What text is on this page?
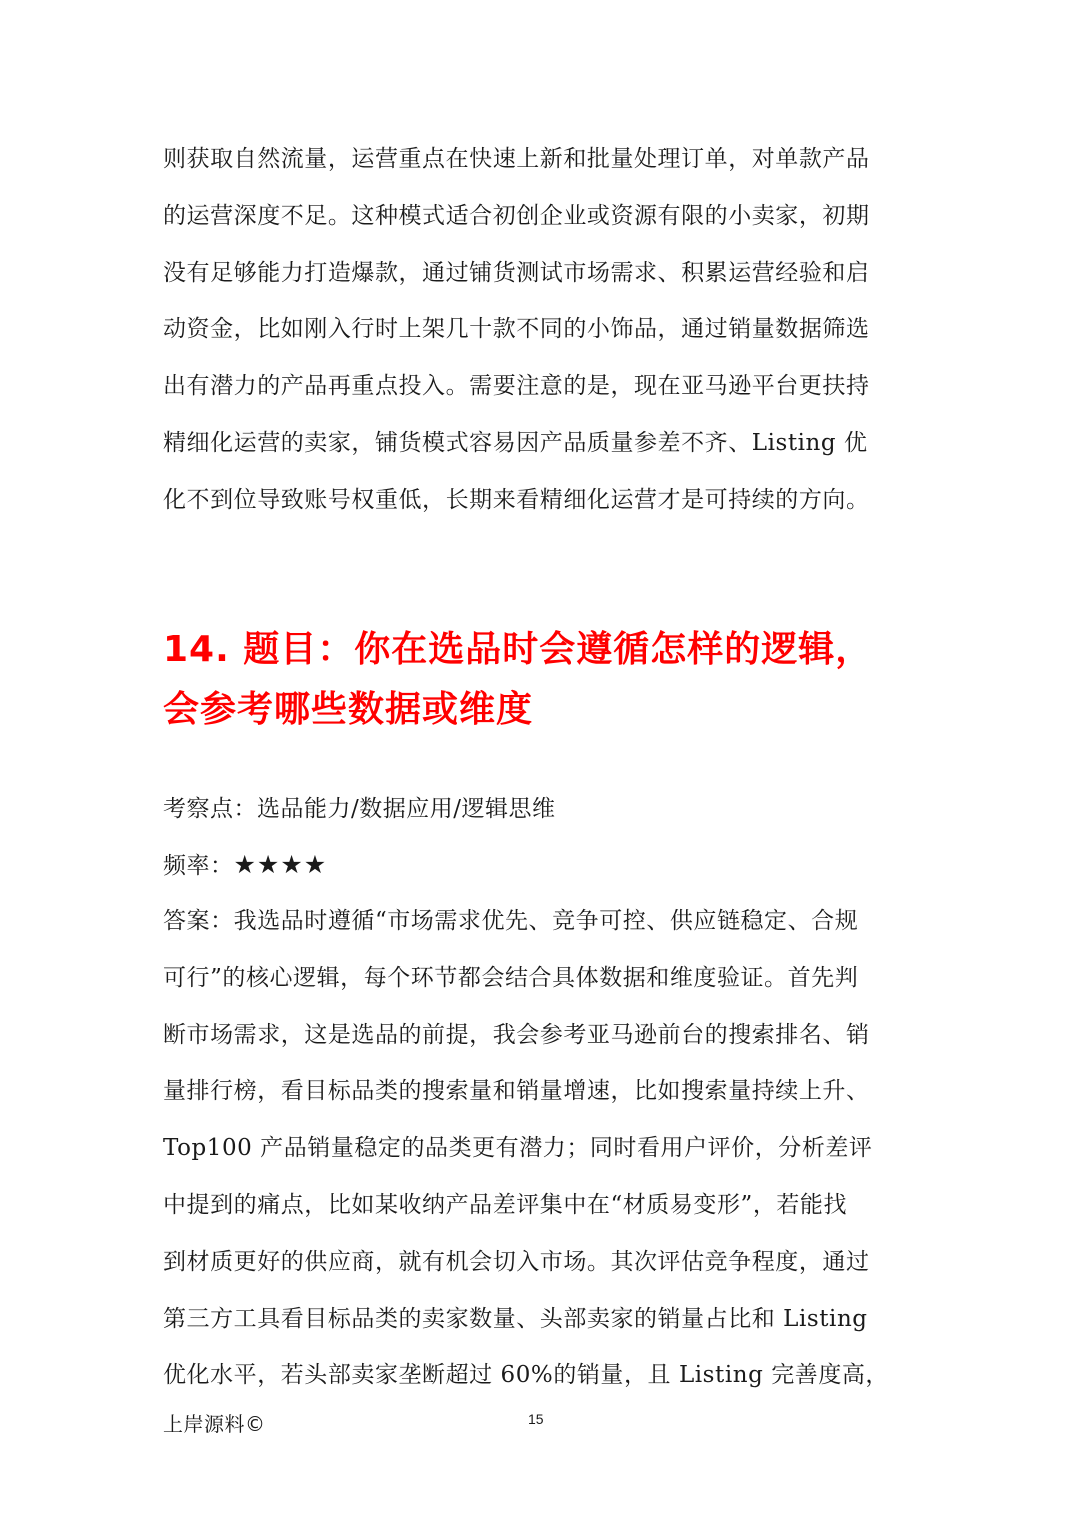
则获取自然流量，运营重点在快速上新和批量处理订单，对单款产品
的运营深度不足。这种模式适合初创企业或资源有限的小卖家，初期
没有足够能力打造爆款，通过铺货测试市场需求、积累运营经验和启
动资金，比如刚入行时上架几十款不同的小饰品，通过销量数据筛选
出有潜力的产品再重点投入。需要注意的是，现在亚马逊平台更扶持
精细化运营的卖家，铺货模式容易因产品质量参差不齐、Listing 优
化不到位导致账号权重低，长期来看精细化运营才是可持续的方向。
14. 题目：你在选品时会遵循怎样的逻辑，
会参考哪些数据或维度

考察点：选品能力/数据应用/逻辑思维

频率：★★★★

答案：我选品时遵循“市场需求优先、竞争可控、供应链稳定、合规
可行”的核心逻辑，每个环节都会结合具体数据和维度验证。首先判
断市场需求，这是选品的前提，我会参考亚马逊前台的搜索排名、销
量排行榜，看目标品类的搜索量和销量增速，比如搜索量持续上升、
Top100 产品销量稳定的品类更有潜力；同时看用户评价，分析差评
中提到的痛点，比如某收纳产品差评集中在“材质易变形”，若能找
到材质更好的供应商，就有机会切入市场。其次评估竞争程度，通过
第三方工具看目标品类的卖家数量、头部卖家的销量占比和 Listing
优化水平，若头部卖家垄断超过 60%的销量，且 Listing 完善度高，
上岸源料©	15
